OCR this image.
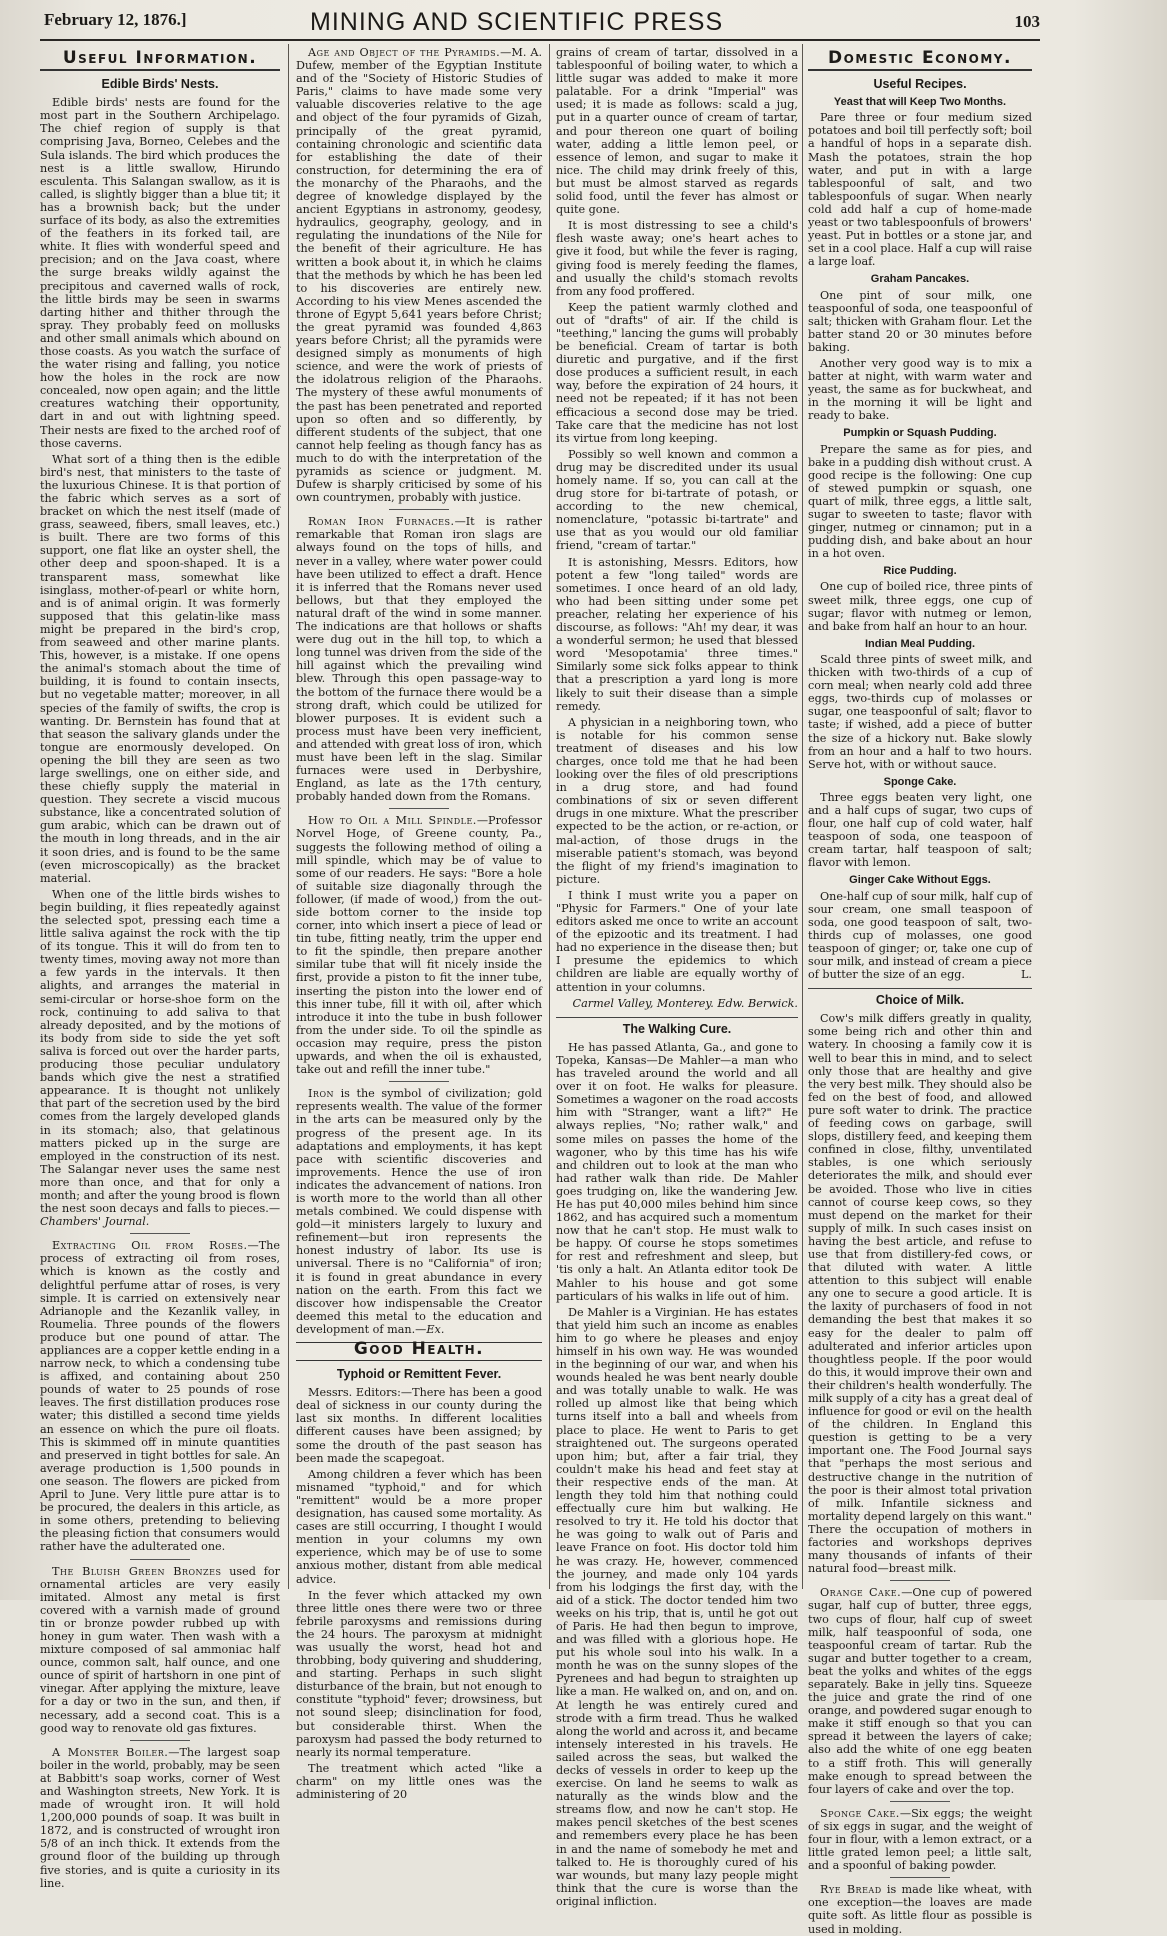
February 12, 1876.]	MINING AND SCIENTIFIC PRESS	103
Useful Information.
Edible Birds' Nests.

Edible birds' nests are found for the most part in the Southern Archipelago. The chief region of supply is that comprising Java, Borneo, Celebes and the Sula islands. The bird which produces the nest is a little swallow, Hirundo esculenta. This Salangan swallow, as it is called, is slightly bigger than a blue tit; it has a brownish back; but the under surface of its body, as also the extremities of the feathers in its forked tail, are white. It flies with wonderful speed and precision; and on the Java coast, where the surge breaks wildly against the precipitous and caverned walls of rock, the little birds may be seen in swarms darting hither and thither through the spray. They probably feed on mollusks and other small animals which abound on those coasts. As you watch the surface of the water rising and falling, you notice how the holes in the rock are now concealed, now open again; and the little creatures watching their opportunity, dart in and out with lightning speed. Their nests are fixed to the arched roof of those caverns.

What sort of a thing then is the edible bird's nest, that ministers to the taste of the luxurious Chinese. It is that portion of the fabric which serves as a sort of bracket on which the nest itself (made of grass, seaweed, fibers, small leaves, etc.) is built. There are two forms of this support, one flat like an oyster shell, the other deep and spoon-shaped. It is a transparent mass, somewhat like isinglass, mother-of-pearl or white horn, and is of animal origin. It was formerly supposed that this gelatin-like mass might be prepared in the bird's crop, from seaweed and other marine plants. This, however, is a mistake. If one opens the animal's stomach about the time of building, it is found to contain insects, but no vegetable matter; moreover, in all species of the family of swifts, the crop is wanting. Dr. Bernstein has found that at that season the salivary glands under the tongue are enormously developed. On opening the bill they are seen as two large swellings, one on either side, and these chiefly supply the material in question. They secrete a viscid mucous substance, like a concentrated solution of gum arabic, which can be drawn out of the mouth in long threads, and in the air it soon dries, and is found to be the same (even microscopically) as the bracket material.

When one of the little birds wishes to begin building, it flies repeatedly against the selected spot, pressing each time a little saliva against the rock with the tip of its tongue. This it will do from ten to twenty times, moving away not more than a few yards in the intervals. It then alights, and arranges the material in semi-circular or horse-shoe form on the rock, continuing to add saliva to that already deposited, and by the motions of its body from side to side the yet soft saliva is forced out over the harder parts, producing those peculiar undulatory bands which give the nest a stratified appearance. It is thought not unlikely that part of the secretion used by the bird comes from the largely developed glands in its stomach; also, that gelatinous matters picked up in the surge are employed in the construction of its nest. The Salangar never uses the same nest more than once, and that for only a month; and after the young brood is flown the nest soon decays and falls to pieces.—Chambers' Journal.

Extracting Oil from Roses.—The process of extracting oil from roses, which is known as the costly and delightful perfume attar of roses, is very simple. It is carried on extensively near Adrianople and the Kezanlik valley, in Roumelia. Three pounds of the flowers produce but one pound of attar. The appliances are a copper kettle ending in a narrow neck, to which a condensing tube is affixed, and containing about 250 pounds of water to 25 pounds of rose leaves. The first distillation produces rose water; this distilled a second time yields an essence on which the pure oil floats. This is skimmed off in minute quantities and preserved in tight bottles for sale. An average production is 1,500 pounds in one season. The flowers are picked from April to June. Very little pure attar is to be procured, the dealers in this article, as in some others, pretending to believing the pleasing fiction that consumers would rather have the adulterated one.

The Bluish Green Bronzes used for ornamental articles are very easily imitated. Almost any metal is first covered with a varnish made of ground tin or bronze powder rubbed up with honey in gum water. Then wash with a mixture composed of sal ammoniac half ounce, common salt, half ounce, and one ounce of spirit of hartshorn in one pint of vinegar. After applying the mixture, leave for a day or two in the sun, and then, if necessary, add a second coat. This is a good way to renovate old gas fixtures.

A Monster Boiler.—The largest soap boiler in the world, probably, may be seen at Babbitt's soap works, corner of West and Washington streets, New York. It is made of wrought iron. It will hold 1,200,000 pounds of soap. It was built in 1872, and is constructed of wrought iron 5/8 of an inch thick. It extends from the ground floor of the building up through five stories, and is quite a curiosity in its line.

Age and Object of the Pyramids.—M. A. Dufew, member of the Egyptian Institute and of the "Society of Historic Studies of Paris," claims to have made some very valuable discoveries relative to the age and object of the four pyramids of Gizah, principally of the great pyramid, containing chronologic and scientific data for establishing the date of their construction, for determining the era of the monarchy of the Pharaohs, and the degree of knowledge displayed by the ancient Egyptians in astronomy, geodesy, hydraulics, geography, geology, and in regulating the inundations of the Nile for the benefit of their agriculture. He has written a book about it, in which he claims that the methods by which he has been led to his discoveries are entirely new. According to his view Menes ascended the throne of Egypt 5,641 years before Christ; the great pyramid was founded 4,863 years before Christ; all the pyramids were designed simply as monuments of high science, and were the work of priests of the idolatrous religion of the Pharaohs. The mystery of these awful monuments of the past has been penetrated and reported upon so often and so differently, by different students of the subject, that one cannot help feeling as though fancy has as much to do with the interpretation of the pyramids as science or judgment. M. Dufew is sharply criticised by some of his own countrymen, probably with justice.

Roman Iron Furnaces.—It is rather remarkable that Roman iron slags are always found on the tops of hills, and never in a valley, where water power could have been utilized to effect a draft. Hence it is inferred that the Romans never used bellows, but that they employed the natural draft of the wind in some manner. The indications are that hollows or shafts were dug out in the hill top, to which a long tunnel was driven from the side of the hill against which the prevailing wind blew. Through this open passage-way to the bottom of the furnace there would be a strong draft, which could be utilized for blower purposes. It is evident such a process must have been very inefficient, and attended with great loss of iron, which must have been left in the slag. Similar furnaces were used in Derbyshire, England, as late as the 17th century, probably handed down from the Romans.

How to Oil a Mill Spindle.—Professor Norvel Hoge, of Greene county, Pa., suggests the following method of oiling a mill spindle, which may be of value to some of our readers. He says: "Bore a hole of suitable size diagonally through the follower, (if made of wood,) from the out-side bottom corner to the inside top corner, into which insert a piece of lead or tin tube, fitting neatly, trim the upper end to fit the spindle, then prepare another similar tube that will fit nicely inside the first, provide a piston to fit the inner tube, inserting the piston into the lower end of this inner tube, fill it with oil, after which introduce it into the tube in bush follower from the under side. To oil the spindle as occasion may require, press the piston upwards, and when the oil is exhausted, take out and refill the inner tube."

Iron is the symbol of civilization; gold represents wealth. The value of the former in the arts can be measured only by the progress of the present age. In its adaptations and employments, it has kept pace with scientific discoveries and improvements. Hence the use of iron indicates the advancement of nations. Iron is worth more to the world than all other metals combined. We could dispense with gold—it ministers largely to luxury and refinement—but iron represents the honest industry of labor. Its use is universal. There is no "California" of iron; it is found in great abundance in every nation on the earth. From this fact we discover how indispensable the Creator deemed this metal to the education and development of man.—Ex.

Good Health.
Typhoid or Remittent Fever.

Messrs. Editors:—There has been a good deal of sickness in our county during the last six months. In different localities different causes have been assigned; by some the drouth of the past season has been made the scapegoat.

Among children a fever which has been misnamed "typhoid," and for which "remittent" would be a more proper designation, has caused some mortality. As cases are still occurring, I thought I would mention in your columns my own experience, which may be of use to some anxious mother, distant from able medical advice.

In the fever which attacked my own three little ones there were two or three febrile paroxysms and remissions during the 24 hours. The paroxysm at midnight was usually the worst, head hot and throbbing, body quivering and shuddering, and starting. Perhaps in such slight disturbance of the brain, but not enough to constitute "typhoid" fever; drowsiness, but not sound sleep; disinclination for food, but considerable thirst. When the paroxysm had passed the body returned to nearly its normal temperature.

The treatment which acted "like a charm" on my little ones was the administering of 20

grains of cream of tartar, dissolved in a tablespoonful of boiling water, to which a little sugar was added to make it more palatable. For a drink "Imperial" was used; it is made as follows: scald a jug, put in a quarter ounce of cream of tartar, and pour thereon one quart of boiling water, adding a little lemon peel, or essence of lemon, and sugar to make it nice. The child may drink freely of this, but must be almost starved as regards solid food, until the fever has almost or quite gone.

It is most distressing to see a child's flesh waste away; one's heart aches to give it food, but while the fever is raging, giving food is merely feeding the flames, and usually the child's stomach revolts from any food proffered.

Keep the patient warmly clothed and out of "drafts" of air. If the child is "teething," lancing the gums will probably be beneficial. Cream of tartar is both diuretic and purgative, and if the first dose produces a sufficient result, in each way, before the expiration of 24 hours, it need not be repeated; if it has not been efficacious a second dose may be tried. Take care that the medicine has not lost its virtue from long keeping.

Possibly so well known and common a drug may be discredited under its usual homely name. If so, you can call at the drug store for bi-tartrate of potash, or according to the new chemical, nomenclature, "potassic bi-tartrate" and use that as you would our old familiar friend, "cream of tartar."

It is astonishing, Messrs. Editors, how potent a few "long tailed" words are sometimes. I once heard of an old lady, who had been sitting under some pet preacher, relating her experience of his discourse, as follows: "Ah! my dear, it was a wonderful sermon; he used that blessed word 'Mesopotamia' three times." Similarly some sick folks appear to think that a prescription a yard long is more likely to suit their disease than a simple remedy.

A physician in a neighboring town, who is notable for his common sense treatment of diseases and his low charges, once told me that he had been looking over the files of old prescriptions in a drug store, and had found combinations of six or seven different drugs in one mixture. What the prescriber expected to be the action, or re-action, or mal-action, of those drugs in the miserable patient's stomach, was beyond the flight of my friend's imagination to picture.

I think I must write you a paper on "Physic for Farmers." One of your late editors asked me once to write an account of the epizootic and its treatment. I had had no experience in the disease then; but I presume the epidemics to which children are liable are equally worthy of attention in your columns.

Carmel Valley, Monterey. Edw. Berwick.

The Walking Cure.

He has passed Atlanta, Ga., and gone to Topeka, Kansas—De Mahler—a man who has traveled around the world and all over it on foot. He walks for pleasure. Sometimes a wagoner on the road accosts him with "Stranger, want a lift?" He always replies, "No; rather walk," and some miles on passes the home of the wagoner, who by this time has his wife and children out to look at the man who had rather walk than ride. De Mahler goes trudging on, like the wandering Jew. He has put 40,000 miles behind him since 1862, and has acquired such a momentum now that he can't stop. He must walk to be happy. Of course he stops sometimes for rest and refreshment and sleep, but 'tis only a halt. An Atlanta editor took De Mahler to his house and got some particulars of his walks in life out of him.

De Mahler is a Virginian. He has estates that yield him such an income as enables him to go where he pleases and enjoy himself in his own way. He was wounded in the beginning of our war, and when his wounds healed he was bent nearly double and was totally unable to walk. He was rolled up almost like that being which turns itself into a ball and wheels from place to place. He went to Paris to get straightened out. The surgeons operated upon him; but, after a fair trial, they couldn't make his head and feet stay at their respective ends of the man. At length they told him that nothing could effectually cure him but walking. He resolved to try it. He told his doctor that he was going to walk out of Paris and leave France on foot. His doctor told him he was crazy. He, however, commenced the journey, and made only 104 yards from his lodgings the first day, with the aid of a stick. The doctor tended him two weeks on his trip, that is, until he got out of Paris. He had then begun to improve, and was filled with a glorious hope. He put his whole soul into his walk. In a month he was on the sunny slopes of the Pyrenees and had begun to straighten up like a man. He walked on, and on, and on. At length he was entirely cured and strode with a firm tread. Thus he walked along the world and across it, and became intensely interested in his travels. He sailed across the seas, but walked the decks of vessels in order to keep up the exercise. On land he seems to walk as naturally as the winds blow and the streams flow, and now he can't stop. He makes pencil sketches of the best scenes and remembers every place he has been in and the name of somebody he met and talked to. He is thoroughly cured of his war wounds, but many lazy people might think that the cure is worse than the original infliction.

Domestic Economy.
Useful Recipes.
Yeast that will Keep Two Months.

Pare three or four medium sized potatoes and boil till perfectly soft; boil a handful of hops in a separate dish. Mash the potatoes, strain the hop water, and put in with a large tablespoonful of salt, and two tablespoonfuls of sugar. When nearly cold add half a cup of home-made yeast or two tablespoonfuls of browers' yeast. Put in bottles or a stone jar, and set in a cool place. Half a cup will raise a large loaf.

Graham Pancakes.

One pint of sour milk, one teaspoonful of soda, one teaspoonful of salt; thicken with Graham flour. Let the batter stand 20 or 30 minutes before baking.

Another very good way is to mix a batter at night, with warm water and yeast, the same as for buckwheat, and in the morning it will be light and ready to bake.

Pumpkin or Squash Pudding.

Prepare the same as for pies, and bake in a pudding dish without crust. A good recipe is the following: One cup of stewed pumpkin or squash, one quart of milk, three eggs, a little salt, sugar to sweeten to taste; flavor with ginger, nutmeg or cinnamon; put in a pudding dish, and bake about an hour in a hot oven.

Rice Pudding.

One cup of boiled rice, three pints of sweet milk, three eggs, one cup of sugar; flavor with nutmeg or lemon, and bake from half an hour to an hour.

Indian Meal Pudding.

Scald three pints of sweet milk, and thicken with two-thirds of a cup of corn meal; when nearly cold add three eggs, two-thirds cup of molasses or sugar, one teaspoonful of salt; flavor to taste; if wished, add a piece of butter the size of a hickory nut. Bake slowly from an hour and a half to two hours. Serve hot, with or without sauce.

Sponge Cake.

Three eggs beaten very light, one and a half cups of sugar, two cups of flour, one half cup of cold water, half teaspoon of soda, one teaspoon of cream tartar, half teaspoon of salt; flavor with lemon.

Ginger Cake Without Eggs.

One-half cup of sour milk, half cup of sour cream, one small teaspoon of soda, one good teaspoon of salt, two-thirds cup of molasses, one good teaspoon of ginger; or, take one cup of sour milk, and instead of cream a piece of butter the size of an egg.	L.

Choice of Milk.

Cow's milk differs greatly in quality, some being rich and other thin and watery. In choosing a family cow it is well to bear this in mind, and to select only those that are healthy and give the very best milk. They should also be fed on the best of food, and allowed pure soft water to drink. The practice of feeding cows on garbage, swill slops, distillery feed, and keeping them confined in close, filthy, unventilated stables, is one which seriously deteriorates the milk, and should ever be avoided. Those who live in cities cannot of course keep cows, so they must depend on the market for their supply of milk. In such cases insist on having the best article, and refuse to use that from distillery-fed cows, or that diluted with water. A little attention to this subject will enable any one to secure a good article. It is the laxity of purchasers of food in not demanding the best that makes it so easy for the dealer to palm off adulterated and inferior articles upon thoughtless people. If the poor would do this, it would improve their own and their children's health wonderfully. The milk supply of a city has a great deal of influence for good or evil on the health of the children. In England this question is getting to be a very important one. The Food Journal says that "perhaps the most serious and destructive change in the nutrition of the poor is their almost total privation of milk. Infantile sickness and mortality depend largely on this want." There the occupation of mothers in factories and workshops deprives many thousands of infants of their natural food—breast milk.

Orange Cake.—One cup of powered sugar, half cup of butter, three eggs, two cups of flour, half cup of sweet milk, half teaspoonful of soda, one teaspoonful cream of tartar. Rub the sugar and butter together to a cream, beat the yolks and whites of the eggs separately. Bake in jelly tins. Squeeze the juice and grate the rind of one orange, and powdered sugar enough to make it stiff enough so that you can spread it between the layers of cake; also add the white of one egg beaten to a stiff froth. This will generally make enough to spread between the four layers of cake and over the top.

Sponge Cake.—Six eggs; the weight of six eggs in sugar, and the weight of four in flour, with a lemon extract, or a little grated lemon peel; a little salt, and a spoonful of baking powder.

Rye Bread is made like wheat, with one exception—the loaves are made quite soft. As little flour as possible is used in molding.
